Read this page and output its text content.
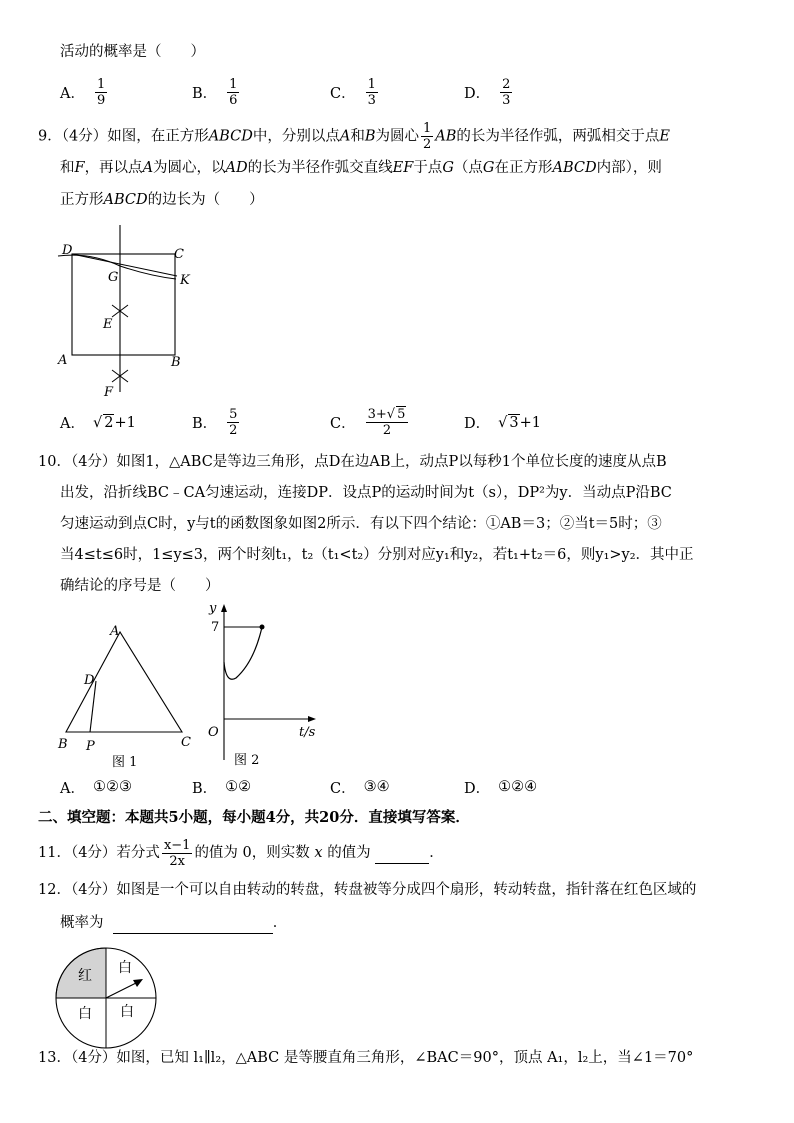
活动的概率是（　　）
A． $\frac{1}{9}$	B． $\frac{1}{6}$	C． $\frac{1}{3}$	D． $\frac{2}{3}$
9．（4分）如图，在正方形ABCD中，分别以点A和B为圆心 $\frac{1}{2}$ AB的长为半径作弧，两弧相交于点E
和F，再以点A为圆心，以AD的长为半径作弧交直线EF于点G（点G在正方形ABCD内部），则
正方形ABCD的边长为（　　）
D	C
G	K
E
A	B
F
A． √ 2+1	B． $\frac{5}{2}$	C． $\frac{3+√ 5}{2}$	D． √ 3+1
10．（4分）如图1，△ABC是等边三角形，点D在边AB上，动点P以每秒1个单位长度的速度从点B
出发，沿折线BC﹣CA匀速运动，连接DP．设点P的运动时间为t（s），DP²为y．当动点P沿BC
匀速运动到点C时，y与t的函数图象如图2所示．有以下四个结论：①AB＝3；②当t＝5时；③
当4≤t≤6时，1≤y≤3，两个时刻t₁，t₂（t₁<t₂）分别对应y₁和y₂，若t₁+t₂＝6，则y₁>y₂．其中正
确结论的序号是（　　）
A
D
B P	C
图 1
y
7
O	t/s
图 2
A． ①②③	B． ①②	C． ③④	D． ①②④
二、填空题：本题共5小题，每小题4分，共20分．直接填写答案．
11．（4分）若分式 $\frac{x-1}{2x}$ 的值为 0，则实数
x
的值为

	．
12．（4分）如图是一个可以自由转动的转盘，转盘被等分成四个扇形，转动转盘，指针落在红色区域的
概率为	．
红 白
白 白
13．（4分）如图，已知 l₁∥l₂，△ABC 是等腰直角三角形，∠BAC＝90°，顶点 A₁，l₂上，当∠1＝70°
